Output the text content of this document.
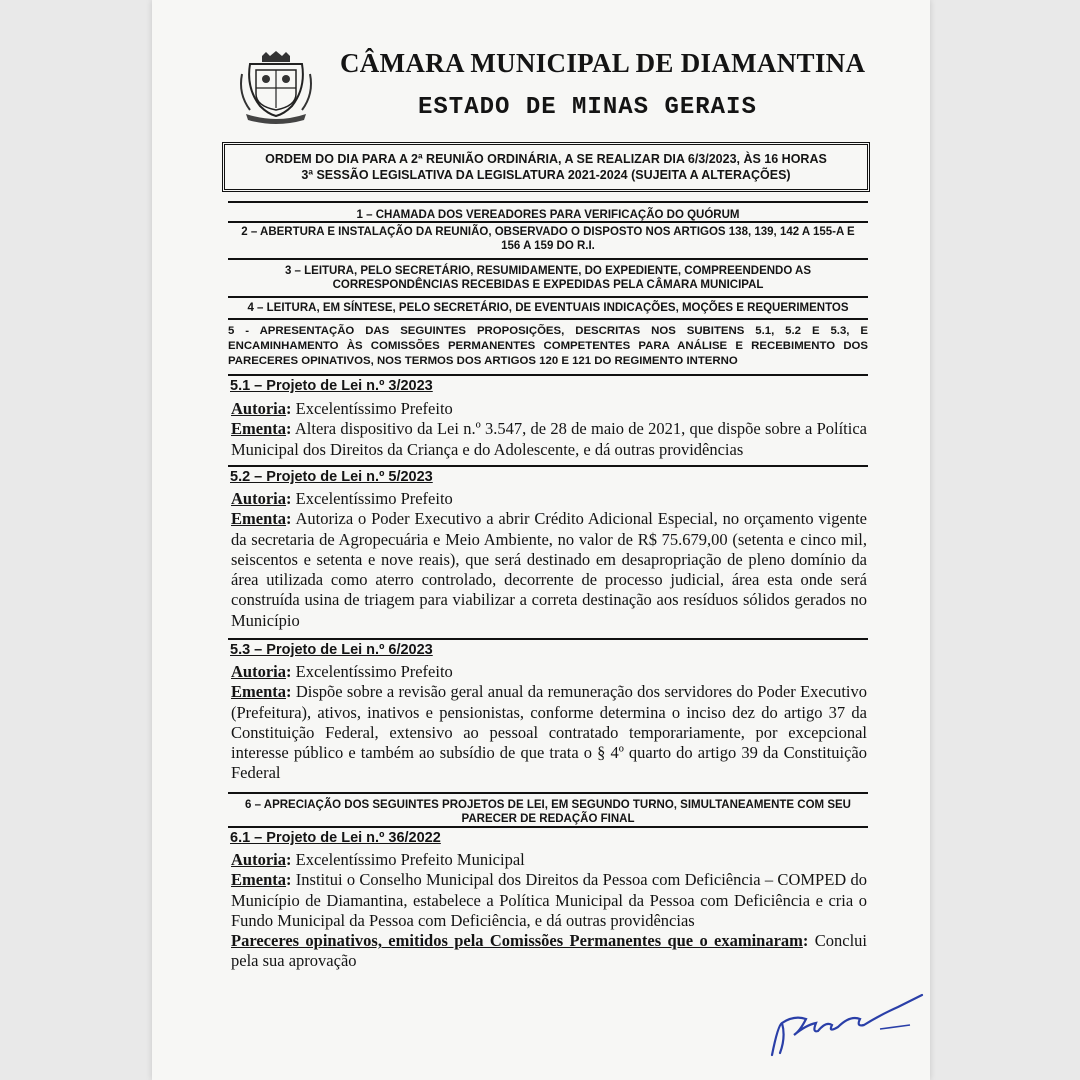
CÂMARA MUNICIPAL DE DIAMANTINA
ESTADO DE MINAS GERAIS
ORDEM DO DIA PARA A 2ª REUNIÃO ORDINÁRIA, A SE REALIZAR DIA 6/3/2023, ÀS 16 HORAS
3ª SESSÃO LEGISLATIVA DA LEGISLATURA 2021-2024 (SUJEITA A ALTERAÇÕES)
1 – CHAMADA DOS VEREADORES PARA VERIFICAÇÃO DO QUÓRUM
2 – ABERTURA E INSTALAÇÃO DA REUNIÃO, OBSERVADO O DISPOSTO NOS ARTIGOS 138, 139, 142 A 155-A E
156 A 159 DO R.I.
3 – LEITURA, PELO SECRETÁRIO, RESUMIDAMENTE, DO EXPEDIENTE, COMPREENDENDO AS
CORRESPONDÊNCIAS RECEBIDAS E EXPEDIDAS PELA CÂMARA MUNICIPAL
4 – LEITURA, EM SÍNTESE, PELO SECRETÁRIO, DE EVENTUAIS INDICAÇÕES, MOÇÕES E REQUERIMENTOS
5 - APRESENTAÇÃO DAS SEGUINTES PROPOSIÇÕES, DESCRITAS NOS SUBITENS 5.1, 5.2 E 5.3, E ENCAMINHAMENTO ÀS COMISSÕES PERMANENTES COMPETENTES PARA ANÁLISE E RECEBIMENTO DOS PARECERES OPINATIVOS, NOS TERMOS DOS ARTIGOS 120 E 121 DO REGIMENTO INTERNO
5.1 – Projeto de Lei n.º 3/2023
Autoria: Excelentíssimo Prefeito
Ementa: Altera dispositivo da Lei n.º 3.547, de 28 de maio de 2021, que dispõe sobre a Política Municipal dos Direitos da Criança e do Adolescente, e dá outras providências
5.2 – Projeto de Lei n.º 5/2023
Autoria: Excelentíssimo Prefeito
Ementa: Autoriza o Poder Executivo a abrir Crédito Adicional Especial, no orçamento vigente da secretaria de Agropecuária e Meio Ambiente, no valor de R$ 75.679,00 (setenta e cinco mil, seiscentos e setenta e nove reais), que será destinado em desapropriação de pleno domínio da área utilizada como aterro controlado, decorrente de processo judicial, área esta onde será construída usina de triagem para viabilizar a correta destinação aos resíduos sólidos gerados no Município
5.3 – Projeto de Lei n.º 6/2023
Autoria: Excelentíssimo Prefeito
Ementa: Dispõe sobre a revisão geral anual da remuneração dos servidores do Poder Executivo (Prefeitura), ativos, inativos e pensionistas, conforme determina o inciso dez do artigo 37 da Constituição Federal, extensivo ao pessoal contratado temporariamente, por excepcional interesse público e também ao subsídio de que trata o § 4º quarto do artigo 39 da Constituição Federal
6 – APRECIAÇÃO DOS SEGUINTES PROJETOS DE LEI, EM SEGUNDO TURNO, SIMULTANEAMENTE COM SEU
PARECER DE REDAÇÃO FINAL
6.1 – Projeto de Lei n.º 36/2022
Autoria: Excelentíssimo Prefeito Municipal
Ementa: Institui o Conselho Municipal dos Direitos da Pessoa com Deficiência – COMPED do Município de Diamantina, estabelece a Política Municipal da Pessoa com Deficiência e cria o Fundo Municipal da Pessoa com Deficiência, e dá outras providências
Pareceres opinativos, emitidos pela Comissões Permanentes que o examinaram: Conclui pela sua aprovação
